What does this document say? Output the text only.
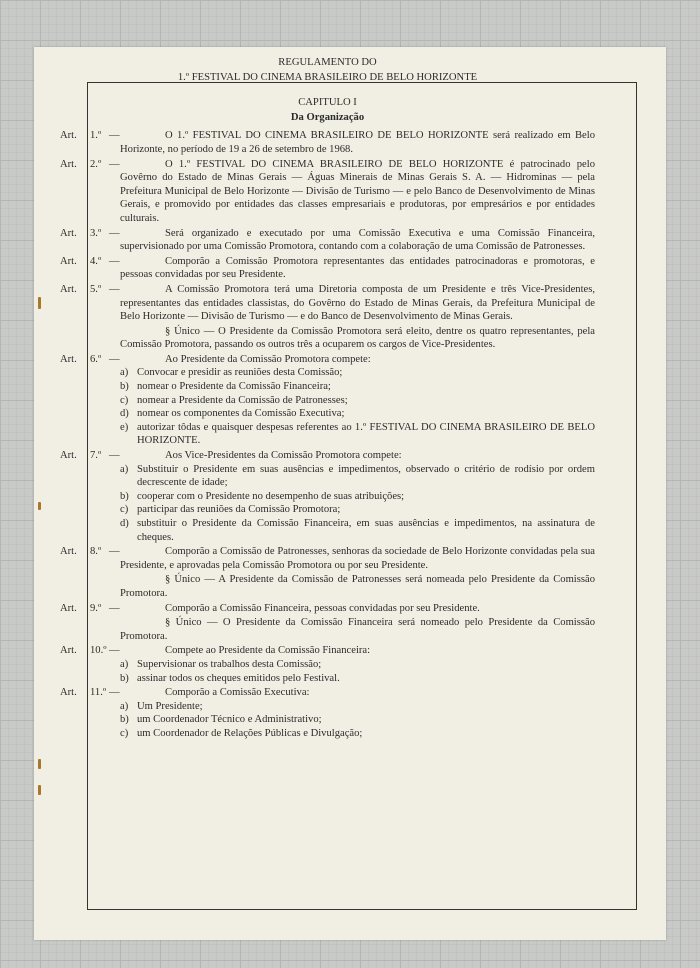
REGULAMENTO DO
1.º FESTIVAL DO CINEMA BRASILEIRO DE BELO HORIZONTE
CAPITULO I
Da Organização
Art. 1.º —	O 1.º FESTIVAL DO CINEMA BRASILEIRO DE BELO HORIZONTE será realizado em Belo Horizonte, no período de 19 a 26 de setembro de 1968.
Art. 2.º —	O 1.º FESTIVAL DO CINEMA BRASILEIRO DE BELO HORIZONTE é patrocinado pelo Govêrno do Estado de Minas Gerais — Águas Minerais de Minas Gerais S. A. — Hidrominas — pela Prefeitura Municipal de Belo Horizonte — Divisão de Turismo — e pelo Banco de Desenvolvimento de Minas Gerais, e promovido por entidades das classes empresariais e produtoras, por empresários e por entidades culturais.
Art. 3.º —	Será organizado e executado por uma Comissão Executiva e uma Comissão Financeira, supervisionado por uma Comissão Promotora, contando com a colaboração de uma Comissão de Patronesses.
Art. 4.º —	Comporão a Comissão Promotora representantes das entidades patrocinadoras e promotoras, e pessoas convidadas por seu Presidente.
Art. 5.º —	A Comissão Promotora terá uma Diretoria composta de um Presidente e três Vice-Presidentes, representantes das entidades classistas, do Govêrno do Estado de Minas Gerais, da Prefeitura Municipal de Belo Horizonte — Divisão de Turismo — e do Banco de Desenvolvimento de Minas Gerais.
§ Único — O Presidente da Comissão Promotora será eleito, dentre os quatro representantes, pela Comissão Promotora, passando os outros três a ocuparem os cargos de Vice-Presidentes.
Art. 6.º —	Ao Presidente da Comissão Promotora compete:
a) Convocar e presidir as reuniões desta Comissão;
b) nomear o Presidente da Comissão Financeira;
c) nomear a Presidente da Comissão de Patronesses;
d) nomear os componentes da Comissão Executiva;
e) autorizar tôdas e quaisquer despesas referentes ao 1.º FESTIVAL DO CINEMA BRASILEIRO DE BELO HORIZONTE.
Art. 7.º —	Aos Vice-Presidentes da Comissão Promotora compete:
a) Substituir o Presidente em suas ausências e impedimentos, observado o critério de rodísio por ordem decrescente de idade;
b) cooperar com o Presidente no desempenho de suas atribuições;
c) participar das reuniões da Comissão Promotora;
d) substituir o Presidente da Comissão Financeira, em suas ausências e impedimentos, na assinatura de cheques.
Art. 8.º —	Comporão a Comissão de Patronesses, senhoras da sociedade de Belo Horizonte convidadas pela sua Presidente, e aprovadas pela Comissão Promotora ou por seu Presidente.
§ Único — A Presidente da Comissão de Patronesses será nomeada pelo Presidente da Comissão Promotora.
Art. 9.º —	Comporão a Comissão Financeira, pessoas convidadas por seu Presidente.
§ Único — O Presidente da Comissão Financeira será nomeado pelo Presidente da Comissão Promotora.
Art. 10.º —	Compete ao Presidente da Comissão Financeira:
a) Supervisionar os trabalhos desta Comissão;
b) assinar todos os cheques emitidos pelo Festival.
Art. 11.º —	Comporão a Comissão Executiva:
a) Um Presidente;
b) um Coordenador Técnico e Administrativo;
c) um Coordenador de Relações Públicas e Divulgação;
